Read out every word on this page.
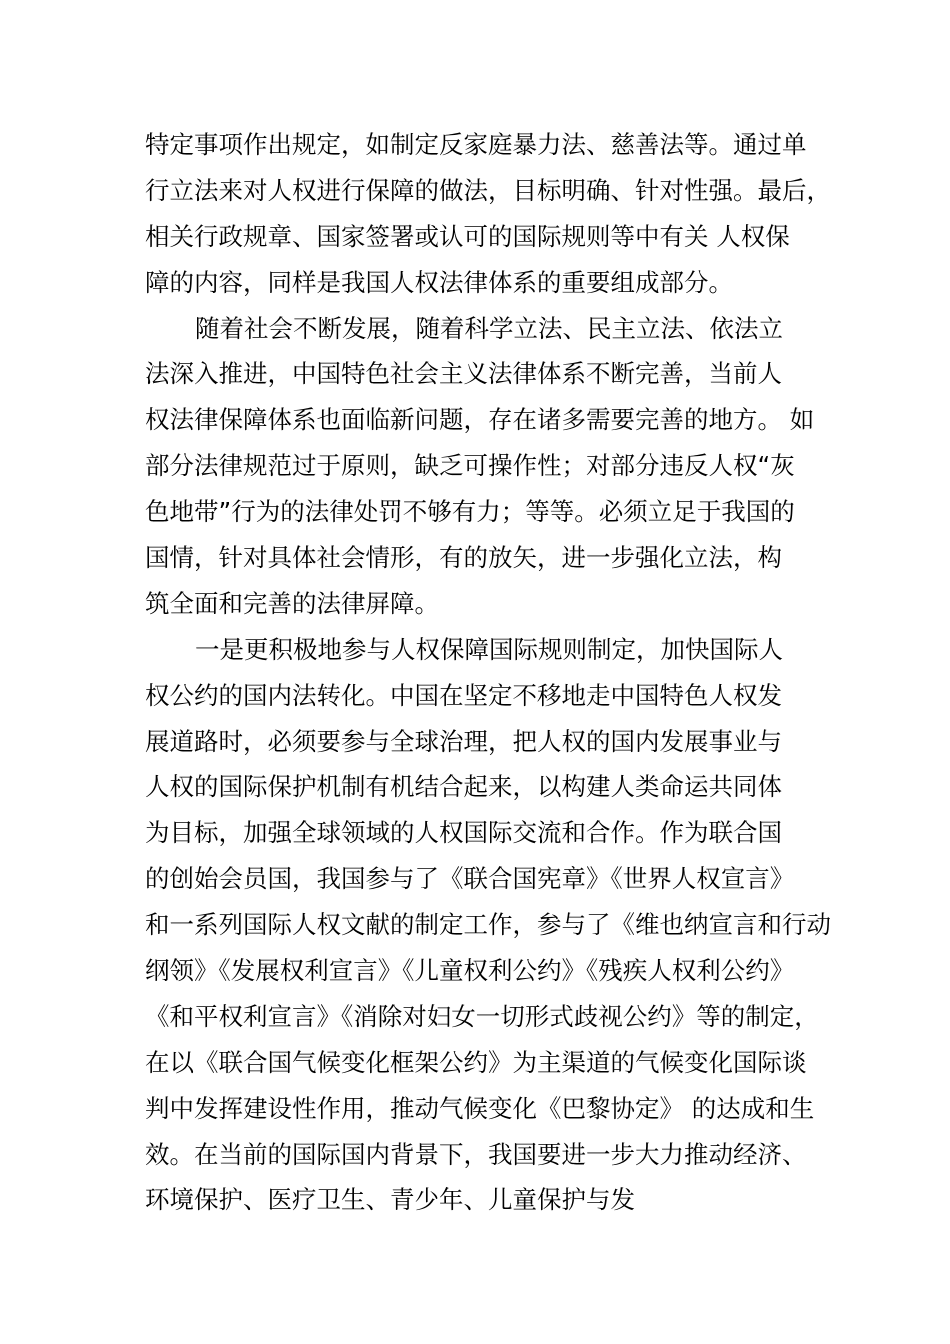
特定事项作出规定，如制定反家庭暴力法、慈善法等。通过单
行立法来对人权进行保障的做法，目标明确、针对性强。最后，
相关行政规章、国家签署或认可的国际规则等中有关 人权保
障的内容，同样是我国人权法律体系的重要组成部分。
随着社会不断发展，随着科学立法、民主立法、依法立
法深入推进，中国特色社会主义法律体系不断完善，当前人
权法律保障体系也面临新问题，存在诸多需要完善的地方。 如
部分法律规范过于原则，缺乏可操作性；对部分违反人权“灰
色地带”行为的法律处罚不够有力；等等。必须立足于我国的
国情，针对具体社会情形，有的放矢，进一步强化立法，构
筑全面和完善的法律屏障。
一是更积极地参与人权保障国际规则制定，加快国际人
权公约的国内法转化。中国在坚定不移地走中国特色人权发
展道路时，必须要参与全球治理，把人权的国内发展事业与
人权的国际保护机制有机结合起来，以构建人类命运共同体
为目标，加强全球领域的人权国际交流和合作。作为联合国
的创始会员国，我国参与了《联合国宪章》《世界人权宣言》
和一系列国际人权文献的制定工作，参与了《维也纳宣言和行动
纲领》《发展权利宣言》《儿童权利公约》《残疾人权利公约》
《和平权利宣言》《消除对妇女一切形式歧视公约》等的制定，
在以《联合国气候变化框架公约》为主渠道的气候变化国际谈
判中发挥建设性作用，推动气候变化《巴黎协定》 的达成和生
效。在当前的国际国内背景下，我国要进一步大力推动经济、
环境保护、医疗卫生、青少年、儿童保护与发
